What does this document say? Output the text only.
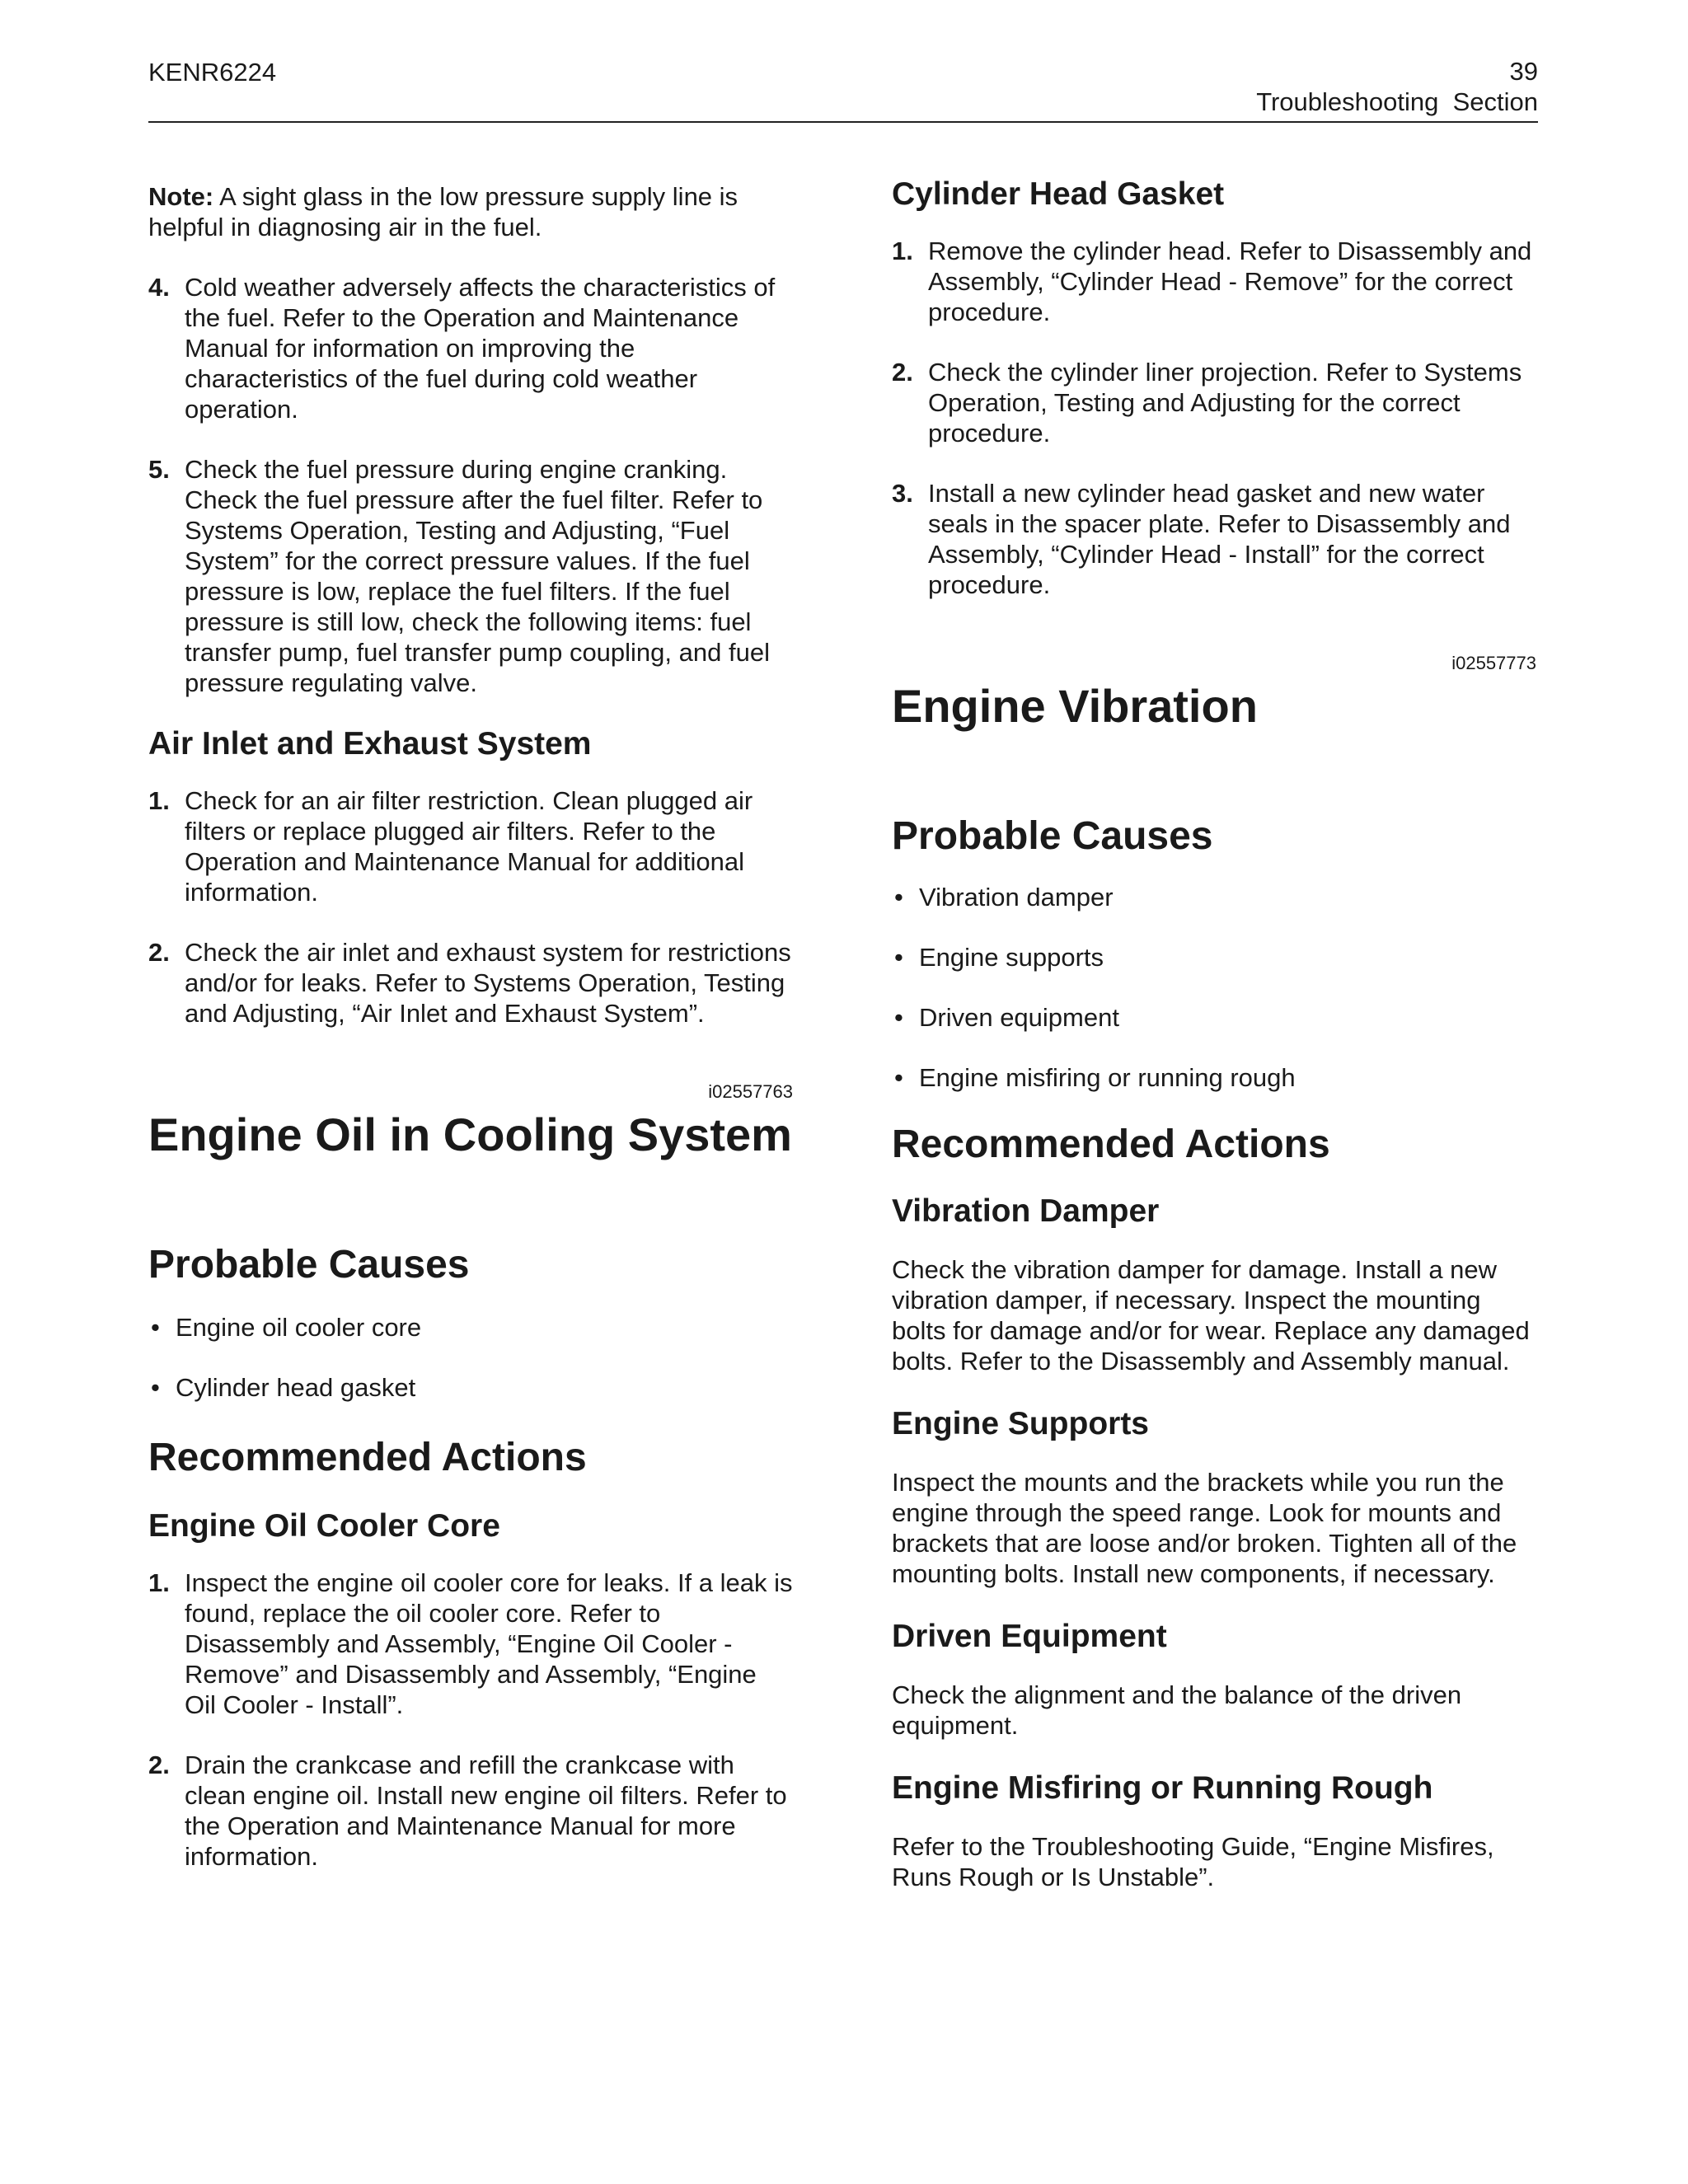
KENR6224	39
Troubleshooting  Section

Note: A sight glass in the low pressure supply line is helpful in diagnosing air in the fuel.

4. Cold weather adversely affects the characteristics of the fuel. Refer to the Operation and Maintenance Manual for information on improving the characteristics of the fuel during cold weather operation.
5. Check the fuel pressure during engine cranking. Check the fuel pressure after the fuel filter. Refer to Systems Operation, Testing and Adjusting, “Fuel System” for the correct pressure values. If the fuel pressure is low, replace the fuel filters. If the fuel pressure is still low, check the following items: fuel transfer pump, fuel transfer pump coupling, and fuel pressure regulating valve.
Air Inlet and Exhaust System
1. Check for an air filter restriction. Clean plugged air filters or replace plugged air filters. Refer to the Operation and Maintenance Manual for additional information.
2. Check the air inlet and exhaust system for restrictions and/or for leaks. Refer to Systems Operation, Testing and Adjusting, “Air Inlet and Exhaust System”.

i02557763

Engine Oil in Cooling System
Probable Causes
• Engine oil cooler core
• Cylinder head gasket
Recommended Actions
Engine Oil Cooler Core
1. Inspect the engine oil cooler core for leaks. If a leak is found, replace the oil cooler core. Refer to Disassembly and Assembly, “Engine Oil Cooler - Remove” and Disassembly and Assembly, “Engine Oil Cooler - Install”.
2. Drain the crankcase and refill the crankcase with clean engine oil. Install new engine oil filters. Refer to the Operation and Maintenance Manual for more information.
Cylinder Head Gasket
1. Remove the cylinder head. Refer to Disassembly and Assembly, “Cylinder Head - Remove” for the correct procedure.
2. Check the cylinder liner projection. Refer to Systems Operation, Testing and Adjusting for the correct procedure.
3. Install a new cylinder head gasket and new water seals in the spacer plate. Refer to Disassembly and Assembly, “Cylinder Head - Install” for the correct procedure.

i02557773

Engine Vibration
Probable Causes
• Vibration damper
• Engine supports
• Driven equipment
• Engine misfiring or running rough
Recommended Actions
Vibration Damper

Check the vibration damper for damage. Install a new vibration damper, if necessary. Inspect the mounting bolts for damage and/or for wear. Replace any damaged bolts. Refer to the Disassembly and Assembly manual.

Engine Supports

Inspect the mounts and the brackets while you run the engine through the speed range. Look for mounts and brackets that are loose and/or broken. Tighten all of the mounting bolts. Install new components, if necessary.

Driven Equipment

Check the alignment and the balance of the driven equipment.

Engine Misfiring or Running Rough

Refer to the Troubleshooting Guide, “Engine Misfires, Runs Rough or Is Unstable”.
